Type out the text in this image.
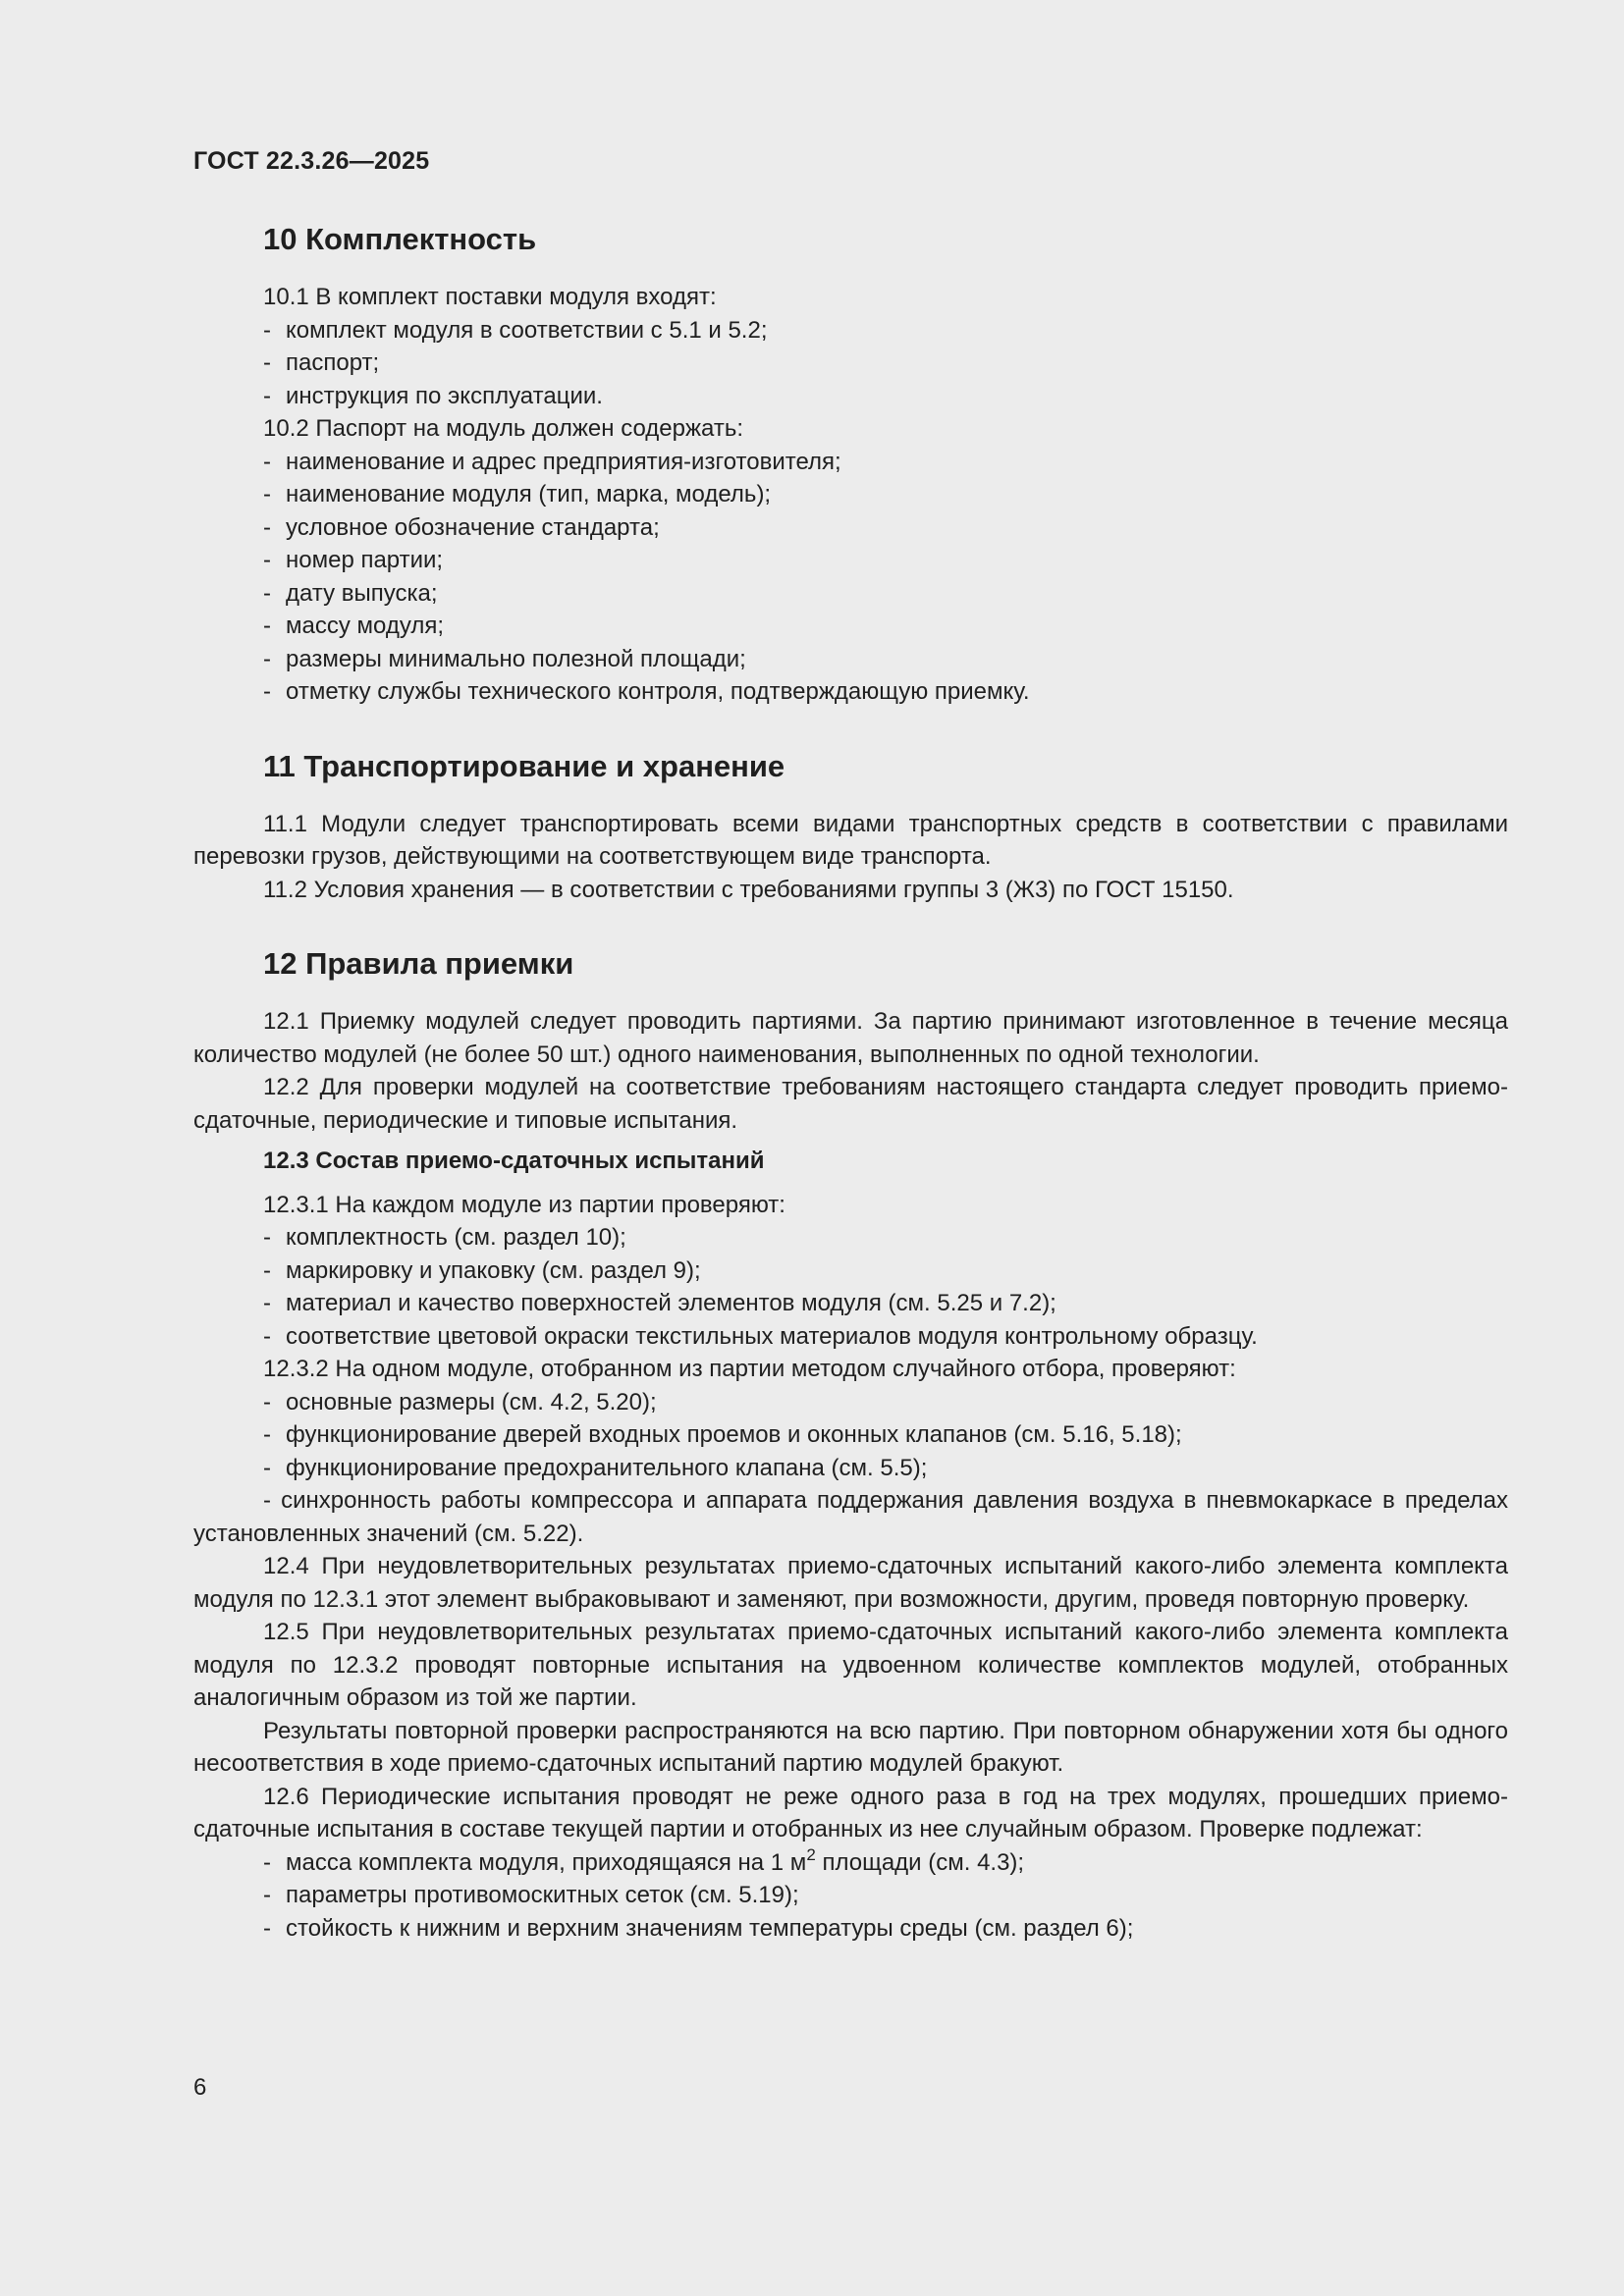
ГОСТ 22.3.26—2025

10 Комплектность

10.1 В комплект поставки модуля входят:

- комплект модуля в соответствии с 5.1 и 5.2;

- паспорт;

- инструкция по эксплуатации.

10.2 Паспорт на модуль должен содержать:

- наименование и адрес предприятия-изготовителя;

- наименование модуля (тип, марка, модель);

- условное обозначение стандарта;

- номер партии;

- дату выпуска;

- массу модуля;

- размеры минимально полезной площади;

- отметку службы технического контроля, подтверждающую приемку.

11 Транспортирование и хранение

11.1 Модули следует транспортировать всеми видами транспортных средств в соответствии с правилами перевозки грузов, действующими на соответствующем виде транспорта.

11.2 Условия хранения — в соответствии с требованиями группы 3 (Ж3) по ГОСТ 15150.

12 Правила приемки

12.1 Приемку модулей следует проводить партиями. За партию принимают изготовленное в течение месяца количество модулей (не более 50 шт.) одного наименования, выполненных по одной технологии.

12.2 Для проверки модулей на соответствие требованиям настоящего стандарта следует проводить приемо-сдаточные, периодические и типовые испытания.

12.3 Состав приемо-сдаточных испытаний

12.3.1 На каждом модуле из партии проверяют:

- комплектность (см. раздел 10);

- маркировку и упаковку (см. раздел 9);

- материал и качество поверхностей элементов модуля (см. 5.25 и 7.2);

- соответствие цветовой окраски текстильных материалов модуля контрольному образцу.

12.3.2 На одном модуле, отобранном из партии методом случайного отбора, проверяют:

- основные размеры (см. 4.2, 5.20);

- функционирование дверей входных проемов и оконных клапанов (см. 5.16, 5.18);

- функционирование предохранительного клапана (см. 5.5);

- синхронность работы компрессора и аппарата поддержания давления воздуха в пневмокаркасе в пределах установленных значений (см. 5.22).

12.4 При неудовлетворительных результатах приемо-сдаточных испытаний какого-либо элемента комплекта модуля по 12.3.1 этот элемент выбраковывают и заменяют, при возможности, другим, проведя повторную проверку.

12.5 При неудовлетворительных результатах приемо-сдаточных испытаний какого-либо элемента комплекта модуля по 12.3.2 проводят повторные испытания на удвоенном количестве комплектов модулей, отобранных аналогичным образом из той же партии.

Результаты повторной проверки распространяются на всю партию. При повторном обнаружении хотя бы одного несоответствия в ходе приемо-сдаточных испытаний партию модулей бракуют.

12.6 Периодические испытания проводят не реже одного раза в год на трех модулях, прошедших приемо-сдаточные испытания в составе текущей партии и отобранных из нее случайным образом. Проверке подлежат:

- масса комплекта модуля, приходящаяся на 1 $м^2$ площади (см. 4.3);

- параметры противомоскитных сеток (см. 5.19);

- стойкость к нижним и верхним значениям температуры среды (см. раздел 6);

6
